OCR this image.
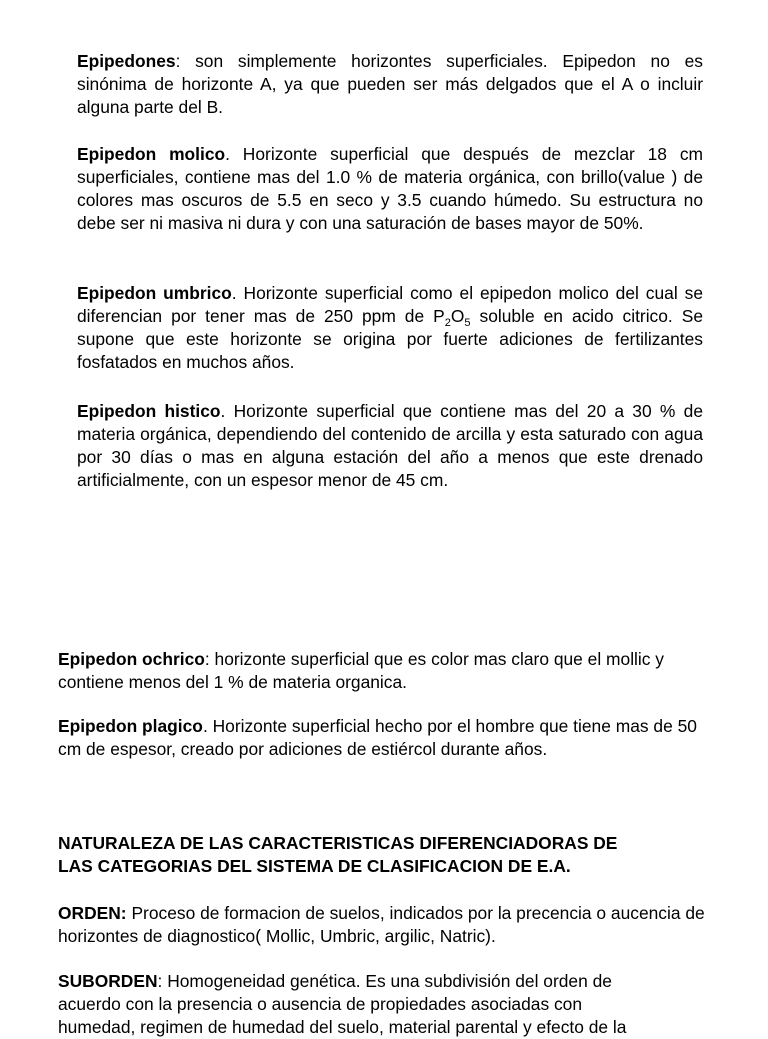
Epipedones: son simplemente horizontes superficiales. Epipedon no es sinónima de horizonte A, ya que pueden ser más delgados que el A o incluir alguna parte del B.

Epipedon molico. Horizonte superficial que después de mezclar 18 cm superficiales, contiene mas del 1.0 % de materia orgánica, con brillo(value ) de colores mas oscuros de 5.5 en seco y 3.5 cuando húmedo. Su estructura no debe ser ni masiva ni dura y con una saturación de bases mayor de 50%.

Epipedon umbrico. Horizonte superficial como el epipedon molico del cual se diferencian por tener mas de 250 ppm de $P_2O_5$ soluble en acido citrico. Se supone que este horizonte se origina por fuerte adiciones de fertilizantes fosfatados en muchos años.

Epipedon histico. Horizonte superficial que contiene mas del 20 a 30 % de materia orgánica, dependiendo del contenido de arcilla y esta saturado con agua por 30 días o mas en alguna estación del año a menos que este drenado artificialmente, con un espesor menor de 45 cm.

Epipedon ochrico: horizonte superficial que es color mas claro que el mollic y contiene menos del 1 % de materia organica.

Epipedon plagico. Horizonte superficial hecho por el hombre que tiene mas de 50 cm de espesor, creado por adiciones de estiércol durante años.

NATURALEZA DE LAS CARACTERISTICAS DIFERENCIADORAS DE
LAS CATEGORIAS DEL SISTEMA DE CLASIFICACION DE E.A.

ORDEN: Proceso de formacion de suelos, indicados por la precencia o aucencia de horizontes de diagnostico( Mollic, Umbric, argilic, Natric).

SUBORDEN: Homogeneidad genética. Es una subdivisión del orden de
acuerdo con la presencia o ausencia de propiedades asociadas con
humedad, regimen de humedad del suelo, material parental y efecto de la
